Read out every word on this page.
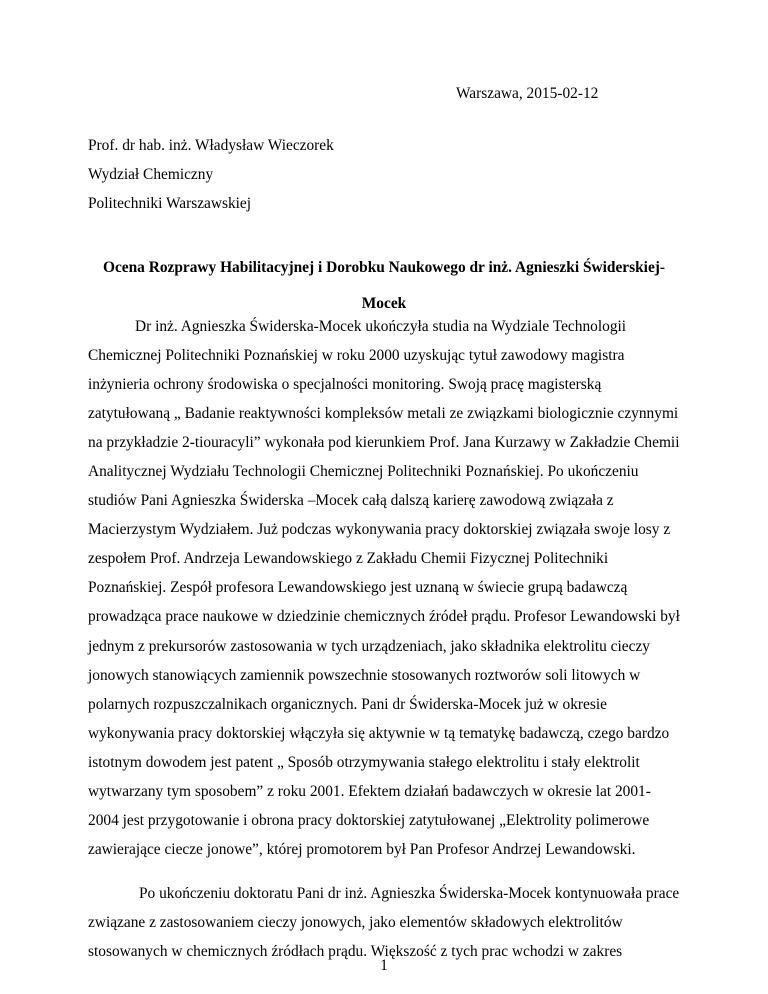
Warszawa, 2015-02-12
Prof. dr hab. inż. Władysław Wieczorek
Wydział Chemiczny
Politechniki Warszawskiej
Ocena Rozprawy Habilitacyjnej i Dorobku Naukowego dr inż. Agnieszki Świderskiej-Mocek

Dr inż. Agnieszka Świderska-Mocek ukończyła studia na Wydziale Technologii Chemicznej Politechniki Poznańskiej w roku 2000 uzyskując tytuł zawodowy magistra inżynieria ochrony środowiska o specjalności monitoring. Swoją pracę magisterską zatytułowaną „ Badanie reaktywności kompleksów metali ze związkami biologicznie czynnymi na przykładzie 2-tiouracyli” wykonała pod kierunkiem Prof. Jana Kurzawy w Zakładzie Chemii Analitycznej Wydziału Technologii Chemicznej Politechniki Poznańskiej. Po ukończeniu studiów Pani Agnieszka Świderska –Mocek całą dalszą karierę zawodową związała z Macierzystym Wydziałem. Już podczas wykonywania pracy doktorskiej związała swoje losy z zespołem Prof. Andrzeja Lewandowskiego z Zakładu Chemii Fizycznej Politechniki Poznańskiej. Zespół profesora Lewandowskiego jest uznaną w świecie grupą badawczą prowadząca prace naukowe w dziedzinie chemicznych źródeł prądu. Profesor Lewandowski był jednym z prekursorów zastosowania w tych urządzeniach, jako składnika elektrolitu cieczy jonowych stanowiących zamiennik powszechnie stosowanych roztworów soli litowych w polarnych rozpuszczalnikach organicznych. Pani dr Świderska-Mocek już w okresie wykonywania pracy doktorskiej włączyła się aktywnie w tą tematykę badawczą, czego bardzo istotnym dowodem jest patent „ Sposób otrzymywania stałego elektrolitu i stały elektrolit wytwarzany tym sposobem” z roku 2001. Efektem działań badawczych w okresie lat 2001-2004 jest przygotowanie i obrona pracy doktorskiej zatytułowanej „Elektrolity polimerowe zawierające ciecze jonowe”, której promotorem był Pan Profesor Andrzej Lewandowski.

Po ukończeniu doktoratu Pani dr inż. Agnieszka Świderska-Mocek kontynuowała prace związane z zastosowaniem cieczy jonowych, jako elementów składowych elektrolitów stosowanych w chemicznych źródłach prądu. Większość z tych prac wchodzi w zakres

1
